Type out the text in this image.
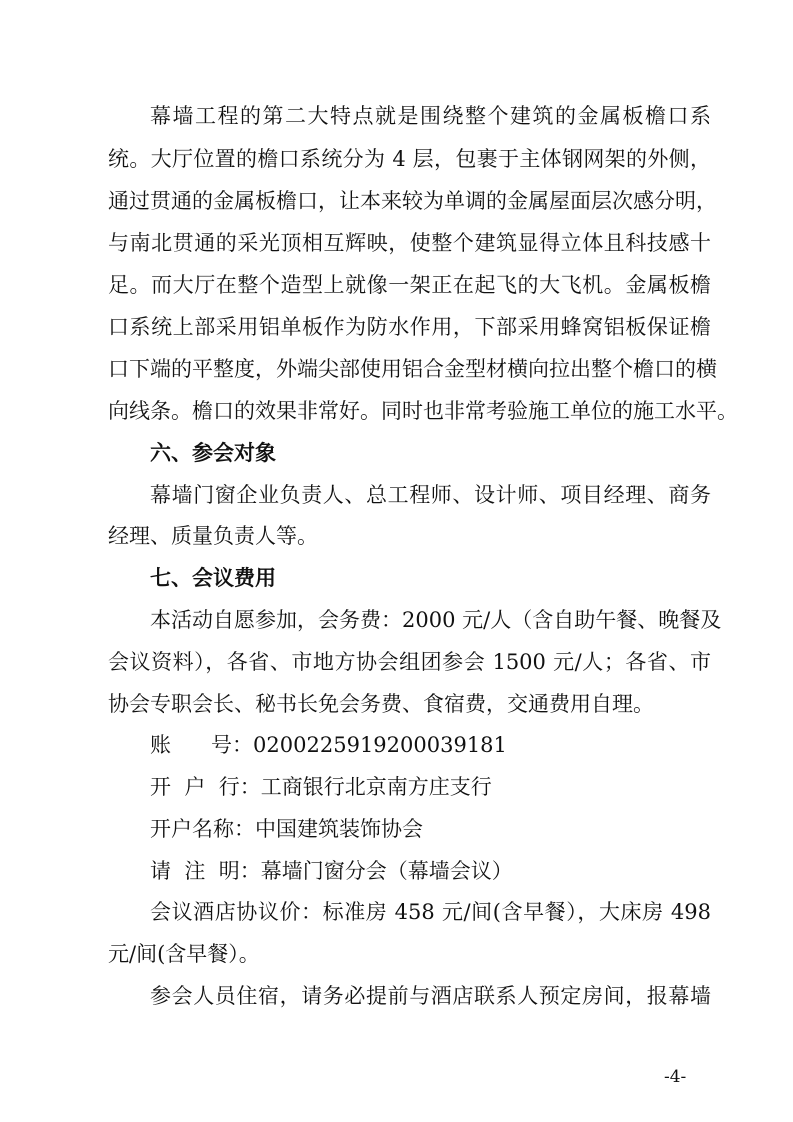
幕墙工程的第二大特点就是围绕整个建筑的金属板檐口系
统。大厅位置的檐口系统分为 4 层，包裹于主体钢网架的外侧，
通过贯通的金属板檐口，让本来较为单调的金属屋面层次感分明，
与南北贯通的采光顶相互辉映，使整个建筑显得立体且科技感十
足。而大厅在整个造型上就像一架正在起飞的大飞机。金属板檐
口系统上部采用铝单板作为防水作用，下部采用蜂窝铝板保证檐
口下端的平整度，外端尖部使用铝合金型材横向拉出整个檐口的横
向线条。檐口的效果非常好。同时也非常考验施工单位的施工水平。
六、参会对象
幕墙门窗企业负责人、总工程师、设计师、项目经理、商务
经理、质量负责人等。
七、会议费用
本活动自愿参加，会务费：2000 元/人（含自助午餐、晚餐及
会议资料），各省、市地方协会组团参会 1500 元/人；各省、市
协会专职会长、秘书长免会务费、食宿费，交通费用自理。
账      号：0200225919200039181
开  户  行：工商银行北京南方庄支行
开户名称：中国建筑装饰协会
请  注  明：幕墙门窗分会（幕墙会议）
会议酒店协议价：标准房 458 元/间(含早餐），大床房 498
元/间(含早餐）。
参会人员住宿，请务必提前与酒店联系人预定房间，报幕墙
-4-
